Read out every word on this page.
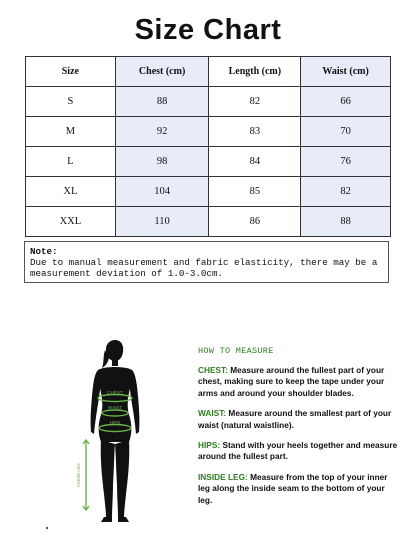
Size Chart
Size	Chest (cm)	Length (cm)	Waist (cm)
S	88	82	66
M	92	83	70
L	98	84	76
XL	104	85	82
XXL	110	86	88
Note:
Due to manual measurement and fabric elasticity, there may be a measurement deviation of 1.0-3.0cm.
CHEST
WAIST
HIPS
INSIDE LEG
HOW TO MEASURE

CHEST: Measure around the fullest part of your chest, making sure to keep the tape under your arms and around your shoulder blades.

WAIST: Measure around the smallest part of your waist (natural waistline).

HIPS: Stand with your heels together and measure around the fullest part.

INSIDE LEG: Measure from the top of your inner leg along the inside seam to the bottom of your leg.
